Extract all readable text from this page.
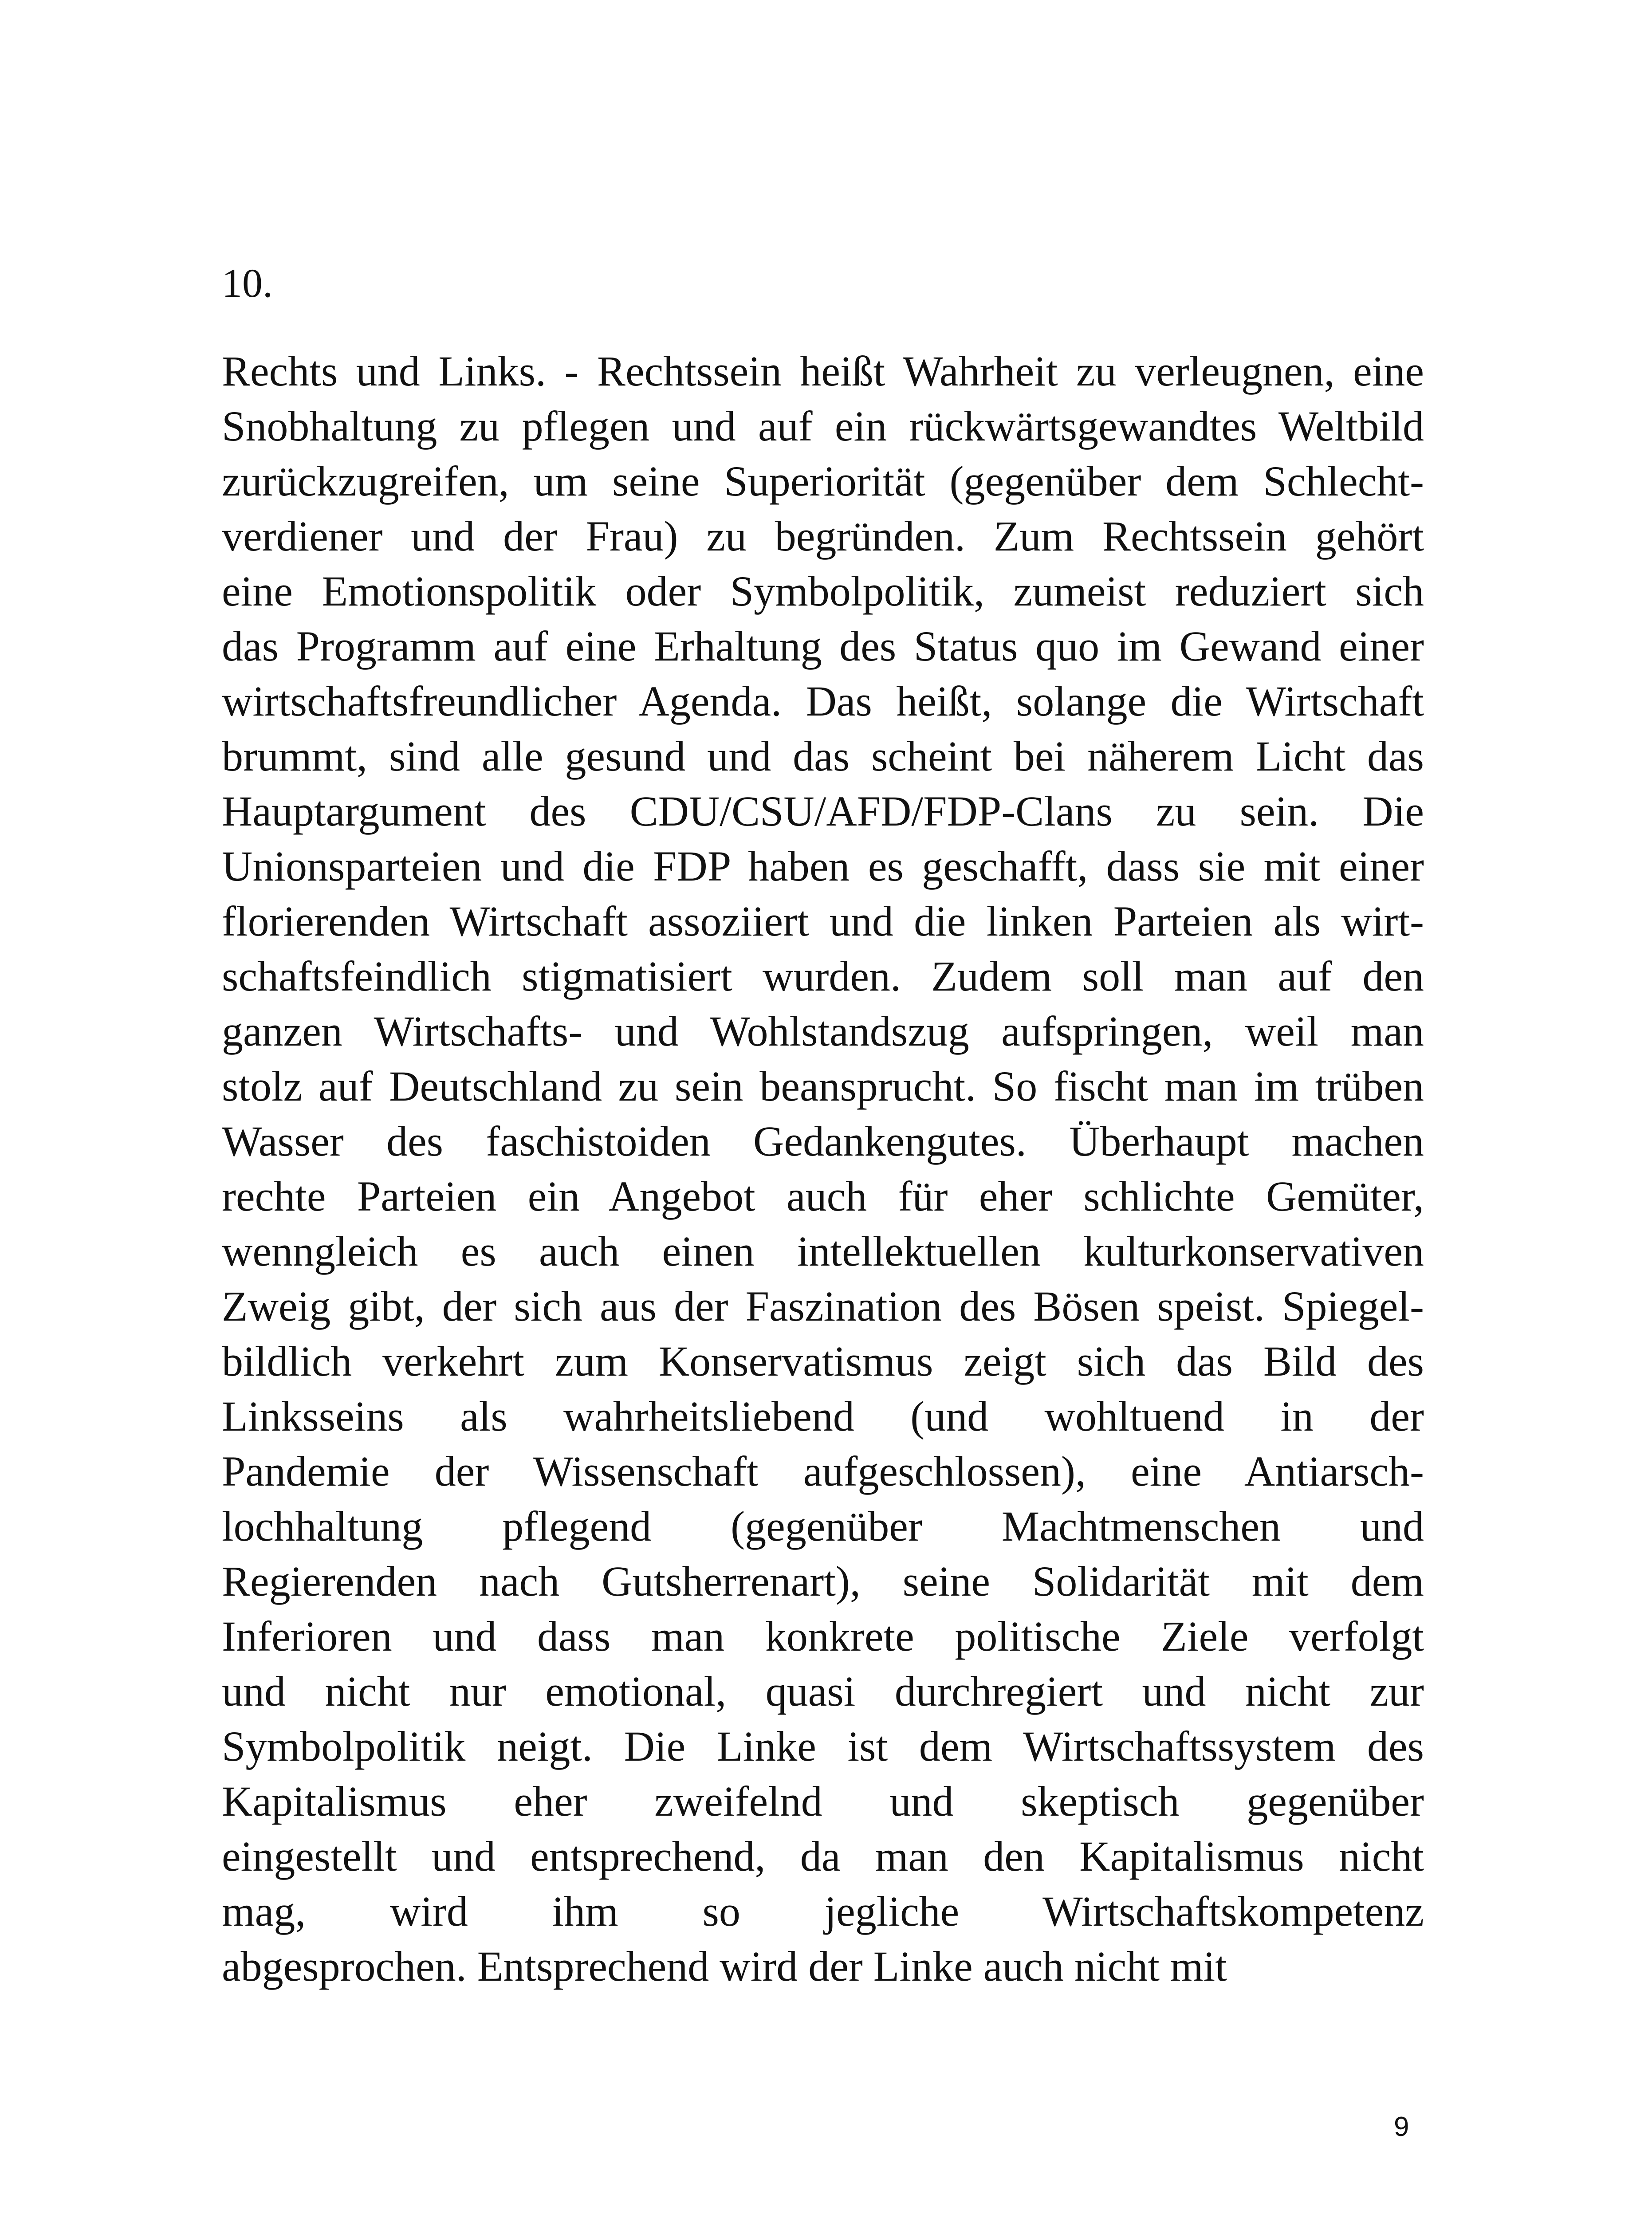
10.
Rechts und Links. - Rechtssein heißt Wahrheit zu verleugnen, eine
Snobhaltung zu pflegen und auf ein rückwärtsgewandtes Weltbild
zurückzugreifen, um seine Superiorität (gegenüber dem Schlecht-
verdiener und der Frau) zu begründen. Zum Rechtssein gehört
eine Emotionspolitik oder Symbolpolitik, zumeist reduziert sich
das Programm auf eine Erhaltung des Status quo im Gewand einer
wirtschaftsfreundlicher Agenda. Das heißt, solange die Wirtschaft
brummt, sind alle gesund und das scheint bei näherem Licht das
Hauptargument des CDU/CSU/AFD/FDP-Clans zu sein. Die
Unionsparteien und die FDP haben es geschafft, dass sie mit einer
florierenden Wirtschaft assoziiert und die linken Parteien als wirt-
schaftsfeindlich stigmatisiert wurden. Zudem soll man auf den
ganzen Wirtschafts- und Wohlstandszug aufspringen, weil man
stolz auf Deutschland zu sein beansprucht. So fischt man im trüben
Wasser des faschistoiden Gedankengutes. Überhaupt machen
rechte Parteien ein Angebot auch für eher schlichte Gemüter,
wenngleich es auch einen intellektuellen kulturkonservativen
Zweig gibt, der sich aus der Faszination des Bösen speist. Spiegel-
bildlich verkehrt zum Konservatismus zeigt sich das Bild des
Linksseins als wahrheitsliebend (und wohltuend in der
Pandemie der Wissenschaft aufgeschlossen), eine Antiarsch-
lochhaltung pflegend (gegenüber Machtmenschen und
Regierenden nach Gutsherrenart), seine Solidarität mit dem
Inferioren und dass man konkrete politische Ziele verfolgt
und nicht nur emotional, quasi durchregiert und nicht zur
Symbolpolitik neigt. Die Linke ist dem Wirtschaftssystem des
Kapitalismus eher zweifelnd und skeptisch gegenüber
eingestellt und entsprechend, da man den Kapitalismus nicht
mag, wird ihm so jegliche Wirtschaftskompetenz
abgesprochen. Entsprechend wird der Linke auch nicht mit
9
